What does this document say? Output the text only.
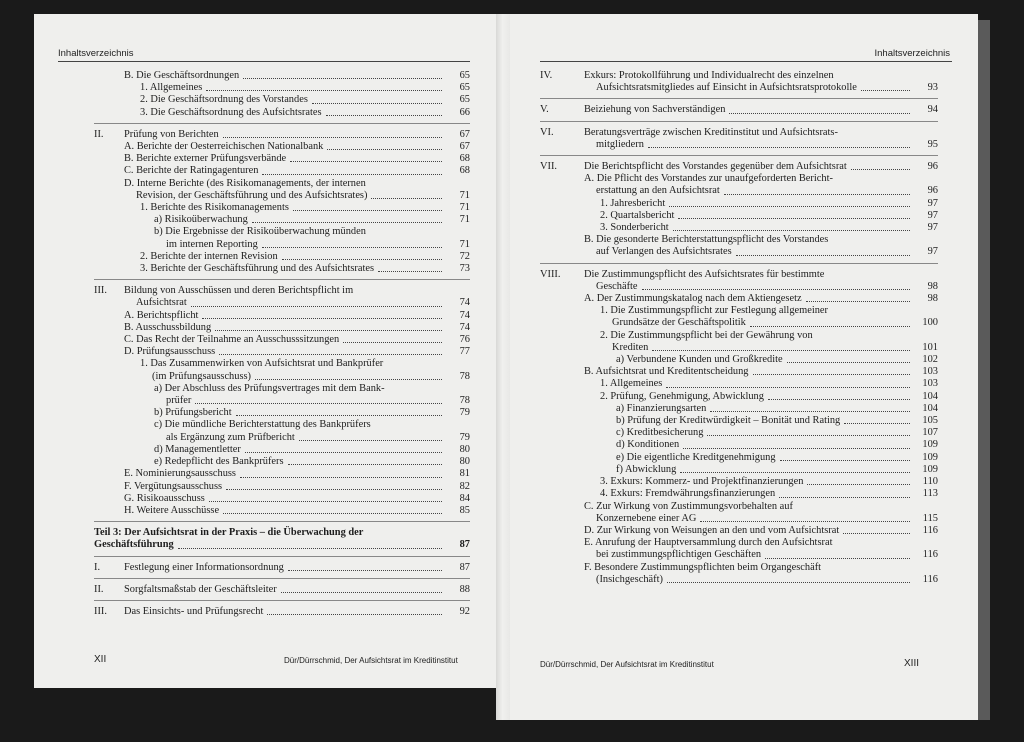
Inhaltsverzeichnis
B. Die Geschäftsordnungen	65
1. Allgemeines	65
2. Die Geschäftsordnung des Vorstandes	65
3. Die Geschäftsordnung des Aufsichtsrates	66
II. Prüfung von Berichten	67
A. Berichte der Oesterreichischen Nationalbank	67
B. Berichte externer Prüfungsverbände	68
C. Berichte der Ratingagenturen	68
D. Interne Berichte (des Risikomanagements, der internen
Revision, der Geschäftsführung und des Aufsichtsrates)	71
1. Berichte des Risikomanagements	71
a) Risikoüberwachung	71
b) Die Ergebnisse der Risikoüberwachung münden
im internen Reporting	71
2. Berichte der internen Revision	72
3. Berichte der Geschäftsführung und des Aufsichtsrates	73
III.	Bildung von Ausschüssen und deren Berichtspflicht im
Aufsichtsrat	74
A. Berichtspflicht	74
B. Ausschussbildung	74
C. Das Recht der Teilnahme an Ausschusssitzungen	76
D. Prüfungsausschuss	77
1. Das Zusammenwirken von Aufsichtsrat und Bankprüfer
(im Prüfungsausschuss)	78
a) Der Abschluss des Prüfungsvertrages mit dem Bank-
prüfer	78
b) Prüfungsbericht	79
c) Die mündliche Berichterstattung des Bankprüfers
als Ergänzung zum Prüfbericht	79
d) Managementletter	80
e) Redepflicht des Bankprüfers	80
E. Nominierungsausschuss	81
F. Vergütungsausschuss	82
G. Risikoausschuss	84
H. Weitere Ausschüsse	85
Teil 3: Der Aufsichtsrat in der Praxis – die Überwachung der
Geschäftsführung	87
I. Festlegung einer Informationsordnung	87
II. Sorgfaltsmaßstab der Geschäftsleiter	88
III. Das Einsichts- und Prüfungsrecht	92
XII	Dür/Dürrschmid, Der Aufsichtsrat im Kreditinstitut
Inhaltsverzeichnis
IV.	Exkurs: Protokollführung und Individualrecht des einzelnen
Aufsichtsratsmitgliedes auf Einsicht in Aufsichtsratsprotokolle	93
V.	Beiziehung von Sachverständigen	94
VI.	Beratungsverträge zwischen Kreditinstitut und Aufsichtsrats-
mitgliedern	95
VII.	Die Berichtspflicht des Vorstandes gegenüber dem Aufsichtsrat	96
A. Die Pflicht des Vorstandes zur unaufgeforderten Bericht-
erstattung an den Aufsichtsrat	96
1. Jahresbericht	97
2. Quartalsbericht	97
3. Sonderbericht	97
B. Die gesonderte Berichterstattungspflicht des Vorstandes
auf Verlangen des Aufsichtsrates	97
VIII.	Die Zustimmungspflicht des Aufsichtsrates für bestimmte
Geschäfte	98
A. Der Zustimmungskatalog nach dem Aktiengesetz	98
1. Die Zustimmungspflicht zur Festlegung allgemeiner
Grundsätze der Geschäftspolitik	100
2. Die Zustimmungspflicht bei der Gewährung von
Krediten	101
a) Verbundene Kunden und Großkredite	102
B. Aufsichtsrat und Kreditentscheidung	103
1. Allgemeines	103
2. Prüfung, Genehmigung, Abwicklung	104
a) Finanzierungsarten	104
b) Prüfung der Kreditwürdigkeit – Bonität und Rating	105
c) Kreditbesicherung	107
d) Konditionen	109
e) Die eigentliche Kreditgenehmigung	109
f) Abwicklung	109
3. Exkurs: Kommerz- und Projektfinanzierungen	110
4. Exkurs: Fremdwährungsfinanzierungen	113
C. Zur Wirkung von Zustimmungsvorbehalten auf
Konzernebene einer AG	115
D. Zur Wirkung von Weisungen an den und vom Aufsichtsrat	116
E. Anrufung der Hauptversammlung durch den Aufsichtsrat
bei zustimmungspflichtigen Geschäften	116
F. Besondere Zustimmungspflichten beim Organgeschäft
(Insichgeschäft)	116
Dür/Dürrschmid, Der Aufsichtsrat im Kreditinstitut	XIII
